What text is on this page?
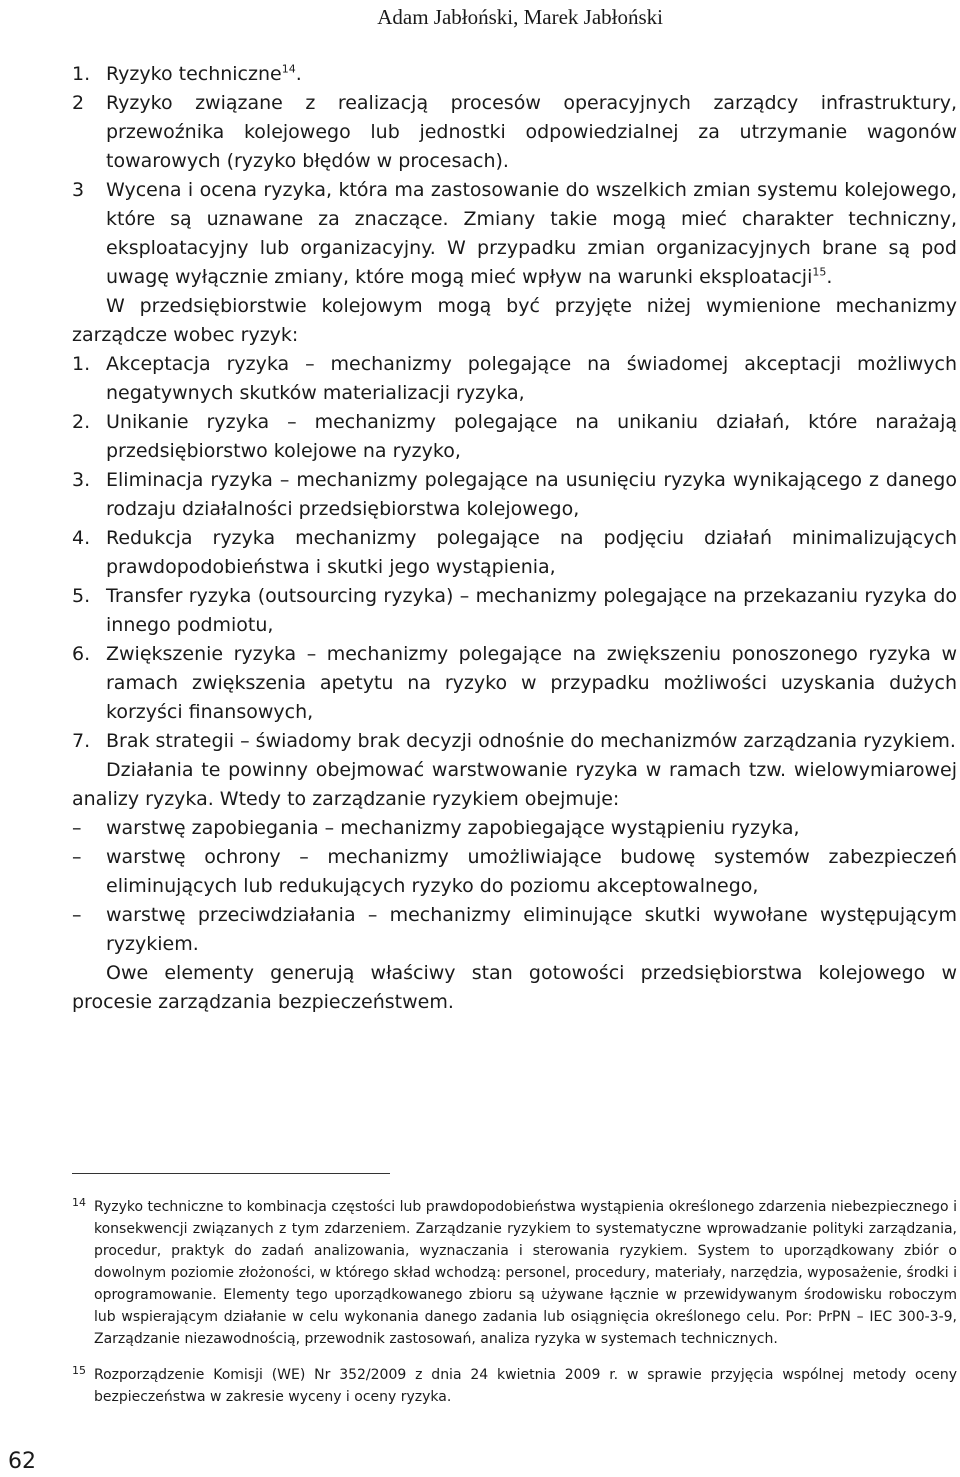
Adam Jabłoński, Marek Jabłoński
1. Ryzyko techniczne$^{14}$.
2	Ryzyko związane z realizacją procesów operacyjnych zarządcy infrastruktury, przewoźnika kolejowego lub jednostki odpowiedzialnej za utrzymanie wagonów towarowych (ryzyko błędów w procesach).
3	Wycena i ocena ryzyka, która ma zastosowanie do wszelkich zmian systemu kolejowego, które są uznawane za znaczące. Zmiany takie mogą mieć charakter techniczny, eksploatacyjny lub organizacyjny. W przypadku zmian organizacyjnych brane są pod uwagę wyłącznie zmiany, które mogą mieć wpływ na warunki eksploatacji$^{15}$.

W przedsiębiorstwie kolejowym mogą być przyjęte niżej wymienione mechanizmy zarządcze wobec ryzyk:

1. Akceptacja ryzyka – mechanizmy polegające na świadomej akceptacji możliwych negatywnych skutków materializacji ryzyka,
2. Unikanie ryzyka – mechanizmy polegające na unikaniu działań, które narażają przedsiębiorstwo kolejowe na ryzyko,
3. Eliminacja ryzyka – mechanizmy polegające na usunięciu ryzyka wynikającego z danego rodzaju działalności przedsiębiorstwa kolejowego,
4. Redukcja ryzyka mechanizmy polegające na podjęciu działań minimalizujących prawdopodobieństwa i skutki jego wystąpienia,
5. Transfer ryzyka (outsourcing ryzyka) – mechanizmy polegające na przekazaniu ryzyka do innego podmiotu,
6. Zwiększenie ryzyka – mechanizmy polegające na zwiększeniu ponoszonego ryzyka w ramach zwiększenia apetytu na ryzyko w przypadku możliwości uzyskania dużych korzyści finansowych,
7. Brak strategii – świadomy brak decyzji odnośnie do mechanizmów zarządzania ryzykiem.

Działania te powinny obejmować warstwowanie ryzyka w ramach tzw. wielowymiarowej analizy ryzyka. Wtedy to zarządzanie ryzykiem obejmuje:

–	warstwę zapobiegania – mechanizmy zapobiegające wystąpieniu ryzyka,
–	warstwę ochrony – mechanizmy umożliwiające budowę systemów zabezpieczeń eliminujących lub redukujących ryzyko do poziomu akceptowalnego,
–	warstwę przeciwdziałania – mechanizmy eliminujące skutki wywołane występującym ryzykiem.

Owe elementy generują właściwy stan gotowości przedsiębiorstwa kolejowego w procesie zarządzania bezpieczeństwem.

14 Ryzyko techniczne to kombinacja częstości lub prawdopodobieństwa wystąpienia określonego zdarzenia niebezpiecznego i konsekwencji związanych z tym zdarzeniem. Zarządzanie ryzykiem to systematyczne wprowadzanie polityki zarządzania, procedur, praktyk do zadań analizowania, wyznaczania i sterowania ryzykiem. System to uporządkowany zbiór o dowolnym poziomie złożoności, w którego skład wchodzą: personel, procedury, materiały, narzędzia, wyposażenie, środki i oprogramowanie. Elementy tego uporządkowanego zbioru są używane łącznie w przewidywanym środowisku roboczym lub wspierającym działanie w celu wykonania danego zadania lub osiągnięcia określonego celu. Por: PrPN – IEC 300-3-9, Zarządzanie niezawodnością, przewodnik zastosowań, analiza ryzyka w systemach technicznych.
15 Rozporządzenie Komisji (WE) Nr 352/2009 z dnia 24 kwietnia 2009 r. w sprawie przyjęcia wspólnej metody oceny bezpieczeństwa w zakresie wyceny i oceny ryzyka.
62
